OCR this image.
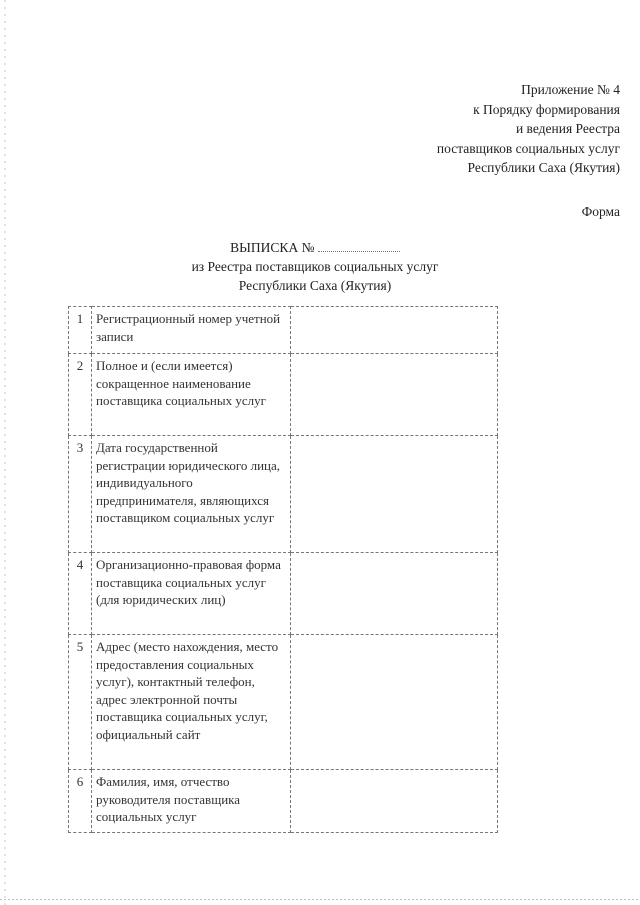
Приложение № 4
к Порядку формирования
и ведения Реестра
поставщиков социальных услуг
Республики Саха (Якутия)
Форма
ВЫПИСКА №
из Реестра поставщиков социальных услуг
Республики Саха (Якутия)
1	Регистрационный номер учетной записи	
2	Полное и (если имеется) сокращенное наименование поставщика социальных услуг	
3	Дата государственной регистрации юридического лица, индивидуального предпринимателя, являющихся поставщиком социальных услуг	
4	Организационно-правовая форма поставщика социальных услуг (для юридических лиц)	
5	Адрес (место нахождения, место предоставления социальных услуг), контактный телефон, адрес электронной почты поставщика социальных услуг, официальный сайт	
6	Фамилия, имя, отчество руководителя поставщика социальных услуг	
